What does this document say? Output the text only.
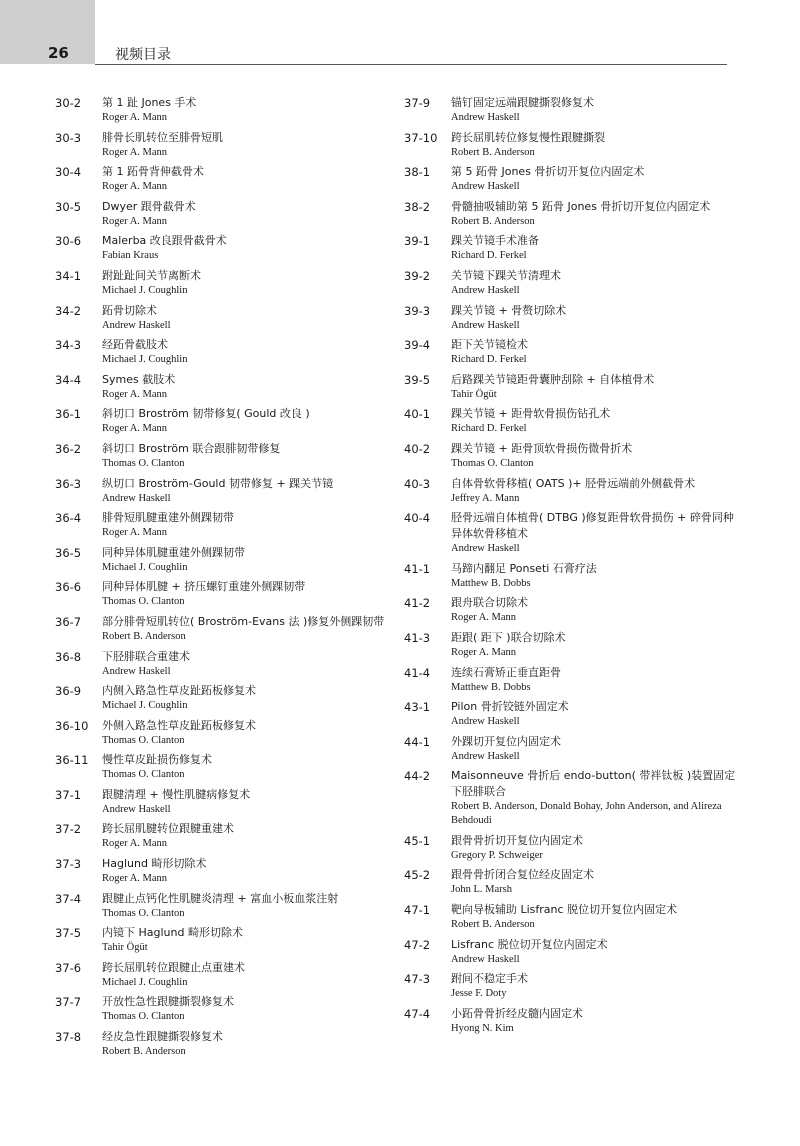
26	视频目录
30-2 第 1 趾 Jones 手术
Roger A. Mann
30-3 腓骨长肌转位至腓骨短肌
Roger A. Mann
30-4 第 1 跖骨背伸截骨术
Roger A. Mann
30-5 Dwyer 跟骨截骨术
Roger A. Mann
30-6 Malerba 改良跟骨截骨术
Fabian Kraus
34-1 跗趾趾间关节离断术
Michael J. Coughlin
34-2 跖骨切除术
Andrew Haskell
34-3 经跖骨截肢术
Michael J. Coughlin
34-4 Symes 截肢术
Roger A. Mann
36-1 斜切口 Broström 韧带修复( Gould 改良 )
Roger A. Mann
36-2 斜切口 Broström 联合跟腓韧带修复
Thomas O. Clanton
36-3 纵切口 Broström-Gould 韧带修复 + 踝关节镜
Andrew Haskell
36-4 腓骨短肌腱重建外侧踝韧带
Roger A. Mann
36-5 同种异体肌腱重建外侧踝韧带
Michael J. Coughlin
36-6 同种异体肌腱 + 挤压螺钉重建外侧踝韧带
Thomas O. Clanton
36-7 部分腓骨短肌转位( Broström-Evans 法 )修复外侧踝韧带
Robert B. Anderson
36-8 下胫腓联合重建术
Andrew Haskell
36-9 内侧入路急性草皮趾跖板修复术
Michael J. Coughlin
36-10 外侧入路急性草皮趾跖板修复术
Thomas O. Clanton
36-11 慢性草皮趾损伤修复术
Thomas O. Clanton
37-1 跟腱清理 + 慢性肌腱病修复术
Andrew Haskell
37-2 跨长屈肌腱转位跟腱重建术
Roger A. Mann
37-3 Haglund 畸形切除术
Roger A. Mann
37-4 跟腱止点钙化性肌腱炎清理 + 富血小板血浆注射
Thomas O. Clanton
37-5 内镜下 Haglund 畸形切除术
Tahir Ögüt
37-6 跨长屈肌转位跟腱止点重建术
Michael J. Coughlin
37-7 开放性急性跟腱撕裂修复术
Thomas O. Clanton
37-8 经皮急性跟腱撕裂修复术
Robert B. Anderson
37-9 锚钉固定远端跟腱撕裂修复术
Andrew Haskell
37-10 跨长屈肌转位修复慢性跟腱撕裂
Robert B. Anderson
38-1 第 5 跖骨 Jones 骨折切开复位内固定术
Andrew Haskell
38-2 骨髓抽吸辅助第 5 跖骨 Jones 骨折切开复位内固定术
Robert B. Anderson
39-1 踝关节镜手术准备
Richard D. Ferkel
39-2 关节镜下踝关节清理术
Andrew Haskell
39-3 踝关节镜 + 骨赘切除术
Andrew Haskell
39-4 距下关节镜检术
Richard D. Ferkel
39-5 后路踝关节镜距骨囊肿刮除 + 自体植骨术
Tahir Ögüt
40-1 踝关节镜 + 距骨软骨损伤钻孔术
Richard D. Ferkel
40-2 踝关节镜 + 距骨顶软骨损伤微骨折术
Thomas O. Clanton
40-3 自体骨软骨移植( OATS )+ 胫骨远端前外侧截骨术
Jeffrey A. Mann
40-4 胫骨远端自体植骨( DTBG )修复距骨软骨损伤 + 碎骨同种异体软骨移植术
Andrew Haskell
41-1 马蹄内翻足 Ponseti 石膏疗法
Matthew B. Dobbs
41-2 跟舟联合切除术
Roger A. Mann
41-3 距跟( 距下 )联合切除术
Roger A. Mann
41-4 连续石膏矫正垂直距骨
Matthew B. Dobbs
43-1 Pilon 骨折铰链外固定术
Andrew Haskell
44-1 外踝切开复位内固定术
Andrew Haskell
44-2 Maisonneuve 骨折后 endo-button( 带袢钛板 )装置固定下胫腓联合
Robert B. Anderson, Donald Bohay, John Anderson, and Alireza Behdoudi
45-1 跟骨骨折切开复位内固定术
Gregory P. Schweiger
45-2 跟骨骨折闭合复位经皮固定术
John L. Marsh
47-1 靶向导板辅助 Lisfranc 脱位切开复位内固定术
Robert B. Anderson
47-2 Lisfranc 脱位切开复位内固定术
Andrew Haskell
47-3 跗间不稳定手术
Jesse F. Doty
47-4 小跖骨骨折经皮髓内固定术
Hyong N. Kim
